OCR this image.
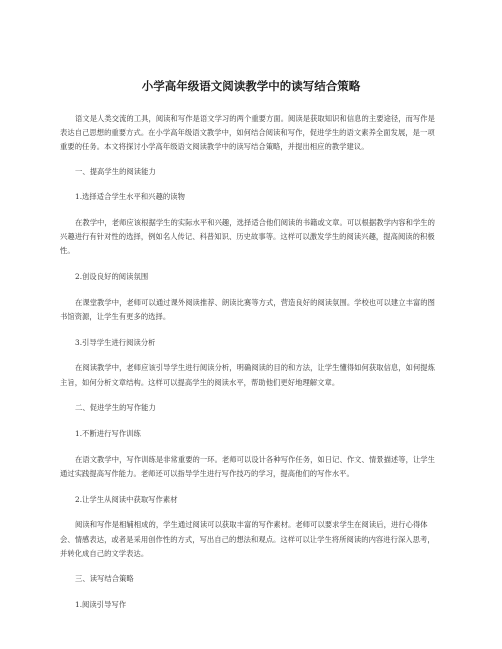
小学高年级语文阅读教学中的读写结合策略

语文是人类交流的工具，阅读和写作是语文学习的两个重要方面。阅读是获取知识和信息的主要途径，而写作是表达自己思想的重要方式。在小学高年级语文教学中，如何结合阅读和写作，促进学生的语文素养全面发展，是一项重要的任务。本文将探讨小学高年级语文阅读教学中的读写结合策略，并提出相应的教学建议。

一、提高学生的阅读能力

1.选择适合学生水平和兴趣的读物

在教学中，老师应该根据学生的实际水平和兴趣，选择适合他们阅读的书籍或文章。可以根据教学内容和学生的兴趣进行有针对性的选择，例如名人传记、科普知识、历史故事等。这样可以激发学生的阅读兴趣，提高阅读的积极性。

2.创设良好的阅读氛围

在课堂教学中，老师可以通过课外阅读推荐、朗读比赛等方式，营造良好的阅读氛围。学校也可以建立丰富的图书馆资源，让学生有更多的选择。

3.引导学生进行阅读分析

在阅读教学中，老师应该引导学生进行阅读分析，明确阅读的目的和方法，让学生懂得如何获取信息，如何提炼主旨，如何分析文章结构。这样可以提高学生的阅读水平，帮助他们更好地理解文章。

二、促进学生的写作能力

1.不断进行写作训练

在语文教学中，写作训练是非常重要的一环。老师可以设计各种写作任务，如日记、作文、情景描述等，让学生通过实践提高写作能力。老师还可以指导学生进行写作技巧的学习，提高他们的写作水平。

2.让学生从阅读中获取写作素材

阅读和写作是相辅相成的，学生通过阅读可以获取丰富的写作素材。老师可以要求学生在阅读后，进行心得体会、情感表达，或者是采用创作性的方式，写出自己的想法和观点。这样可以让学生将所阅读的内容进行深入思考，并转化成自己的文学表达。

三、读写结合策略

1.阅读引导写作
